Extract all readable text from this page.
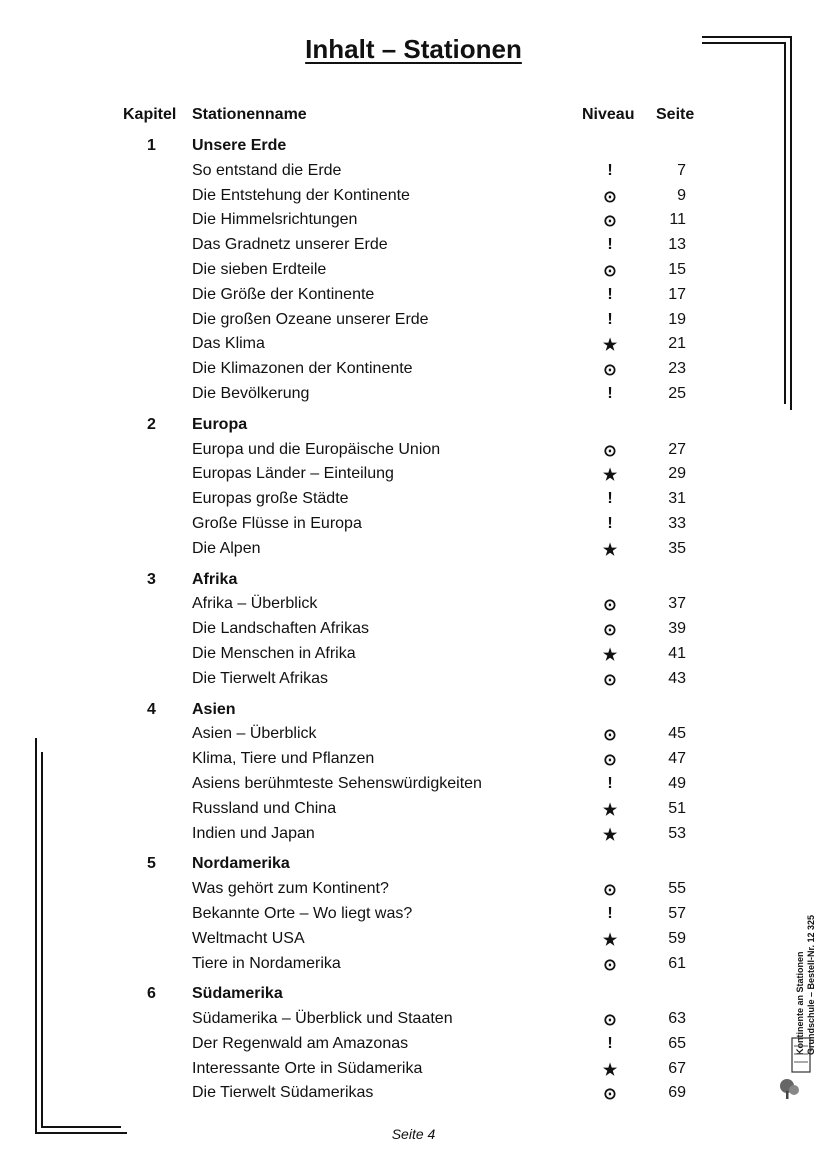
Inhalt – Stationen
Kapitel Stationenname	Niveau Seite
1 Unsere Erde
So entstand die Erde	!	7
Die Entstehung der Kontinente	⊙	9
Die Himmelsrichtungen	⊙	11
Das Gradnetz unserer Erde	!	13
Die sieben Erdteile	⊙	15
Die Größe der Kontinente	!	17
Die großen Ozeane unserer Erde	!	19
Das Klima	★	21
Die Klimazonen der Kontinente	⊙	23
Die Bevölkerung	!	25
2 Europa
Europa und die Europäische Union	⊙	27
Europas Länder – Einteilung	★	29
Europas große Städte	!	31
Große Flüsse in Europa	!	33
Die Alpen	★	35
3 Afrika
Afrika – Überblick	⊙	37
Die Landschaften Afrikas	⊙	39
Die Menschen in Afrika	★	41
Die Tierwelt Afrikas	⊙	43
4 Asien
Asien – Überblick	⊙	45
Klima, Tiere und Pflanzen	⊙	47
Asiens berühmteste Sehenswürdigkeiten	!	49
Russland und China	★	51
Indien und Japan	★	53
5 Nordamerika
Was gehört zum Kontinent?	⊙	55
Bekannte Orte – Wo liegt was?	!	57
Weltmacht USA	★	59
Tiere in Nordamerika	⊙	61
6 Südamerika
Südamerika – Überblick und Staaten	⊙	63
Der Regenwald am Amazonas	!	65
Interessante Orte in Südamerika	★	67
Die Tierwelt Südamerikas	⊙	69
Seite 4
Kontinente an Stationen Grundschule – Bestell-Nr. 12 325
